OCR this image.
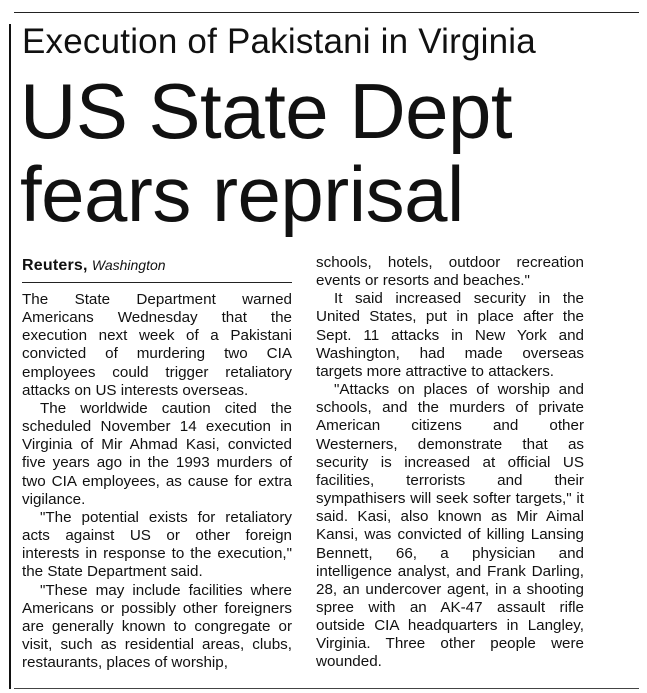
Execution of Pakistani in Virginia
US State Dept
fears reprisal
Reuters, Washington

The State Department warned Americans Wednesday that the execution next week of a Pakistani convicted of murdering two CIA employees could trigger retaliatory attacks on US interests overseas.

The worldwide caution cited the scheduled November 14 execution in Virginia of Mir Ahmad Kasi, convicted five years ago in the 1993 murders of two CIA employees, as cause for extra vigilance.

"The potential exists for retaliatory acts against US or other foreign interests in response to the execution," the State Department said.

"These may include facilities where Americans or possibly other foreigners are generally known to congregate or visit, such as residential areas, clubs, restaurants, places of worship,

schools, hotels, outdoor recreation events or resorts and beaches."

It said increased security in the United States, put in place after the Sept. 11 attacks in New York and Washington, had made overseas targets more attractive to attackers.

"Attacks on places of worship and schools, and the murders of private American citizens and other Westerners, demonstrate that as security is increased at official US facilities, terrorists and their sympathisers will seek softer targets," it said. Kasi, also known as Mir Aimal Kansi, was convicted of killing Lansing Bennett, 66, a physician and intelligence analyst, and Frank Darling, 28, an undercover agent, in a shooting spree with an AK-47 assault rifle outside CIA headquarters in Langley, Virginia. Three other people were wounded.
